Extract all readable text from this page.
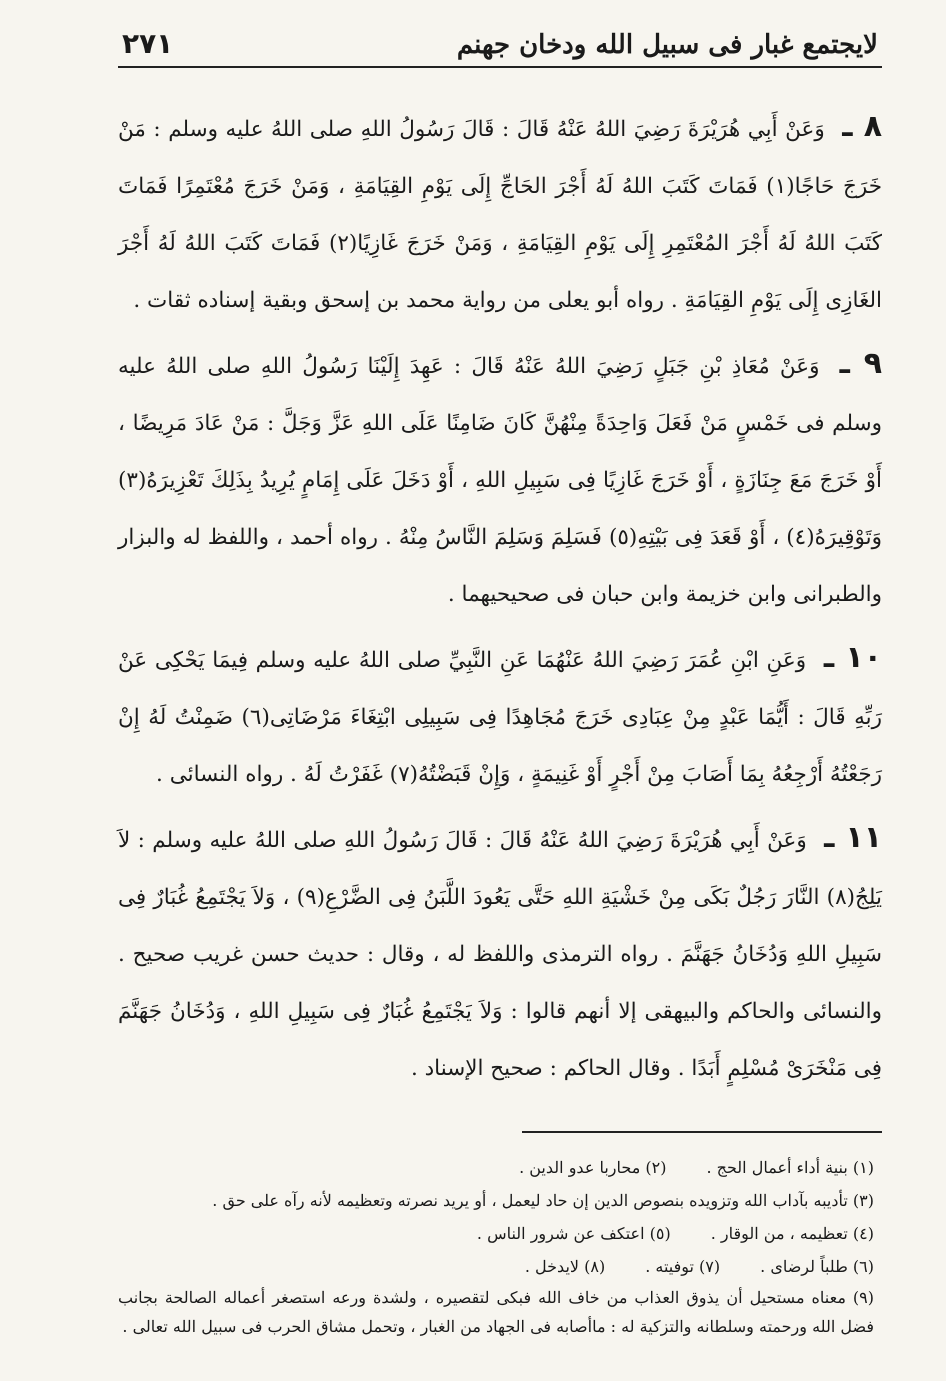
لايجتمع غبار فى سبيل الله ودخان جهنم
٢٧١

٨ ـ وَعَنْ أَبِي هُرَيْرَةَ رَضِيَ اللهُ عَنْهُ قَالَ : قَالَ رَسُولُ اللهِ صلى اللهُ عليه وسلم : مَنْ خَرَجَ حَاجًا(١) فَمَاتَ كَتَبَ اللهُ لَهُ أَجْرَ الحَاجِّ إِلَى يَوْمِ القِيَامَةِ ، وَمَنْ خَرَجَ مُعْتَمِرًا فَمَاتَ كَتَبَ اللهُ لَهُ أَجْرَ المُعْتَمِرِ إِلَى يَوْمِ القِيَامَةِ ، وَمَنْ خَرَجَ غَازِيًا(٢) فَمَاتَ كَتَبَ اللهُ لَهُ أَجْرَ الغَازِى إِلَى يَوْمِ القِيَامَةِ . رواه أبو يعلى من رواية محمد بن إسحق وبقية إسناده ثقات .

٩ ـ وَعَنْ مُعَاذِ بْنِ جَبَلٍ رَضِيَ اللهُ عَنْهُ قَالَ : عَهِدَ إِلَيْنَا رَسُولُ اللهِ صلى اللهُ عليه وسلم فى خَمْسٍ مَنْ فَعَلَ وَاحِدَةً مِنْهُنَّ كَانَ ضَامِنًا عَلَى اللهِ عَزَّ وَجَلَّ : مَنْ عَادَ مَرِيضًا ، أَوْ خَرَجَ مَعَ جِنَازَةٍ ، أَوْ خَرَجَ غَازِيًا فِى سَبِيلِ اللهِ ، أَوْ دَخَلَ عَلَى إِمَامٍ يُرِيدُ بِذَلِكَ تَعْزِيرَهُ(٣) وَتَوْقِيرَهُ(٤) ، أَوْ قَعَدَ فِى بَيْتِهِ(٥) فَسَلِمَ وَسَلِمَ النَّاسُ مِنْهُ . رواه أحمد ، واللفظ له والبزار والطبرانى وابن خزيمة وابن حبان فى صحيحيهما .

١٠ ـ وَعَنِ ابْنِ عُمَرَ رَضِيَ اللهُ عَنْهُمَا عَنِ النَّبِيِّ صلى اللهُ عليه وسلم فِيمَا يَحْكِى عَنْ رَبِّهِ قَالَ : أَيُّمَا عَبْدٍ مِنْ عِبَادِى خَرَجَ مُجَاهِدًا فِى سَبِيلِى ابْتِغَاءَ مَرْضَاتِى(٦) ضَمِنْتُ لَهُ إِنْ رَجَعْتُهُ أَرْجِعُهُ بِمَا أَصَابَ مِنْ أَجْرٍ أَوْ غَنِيمَةٍ ، وَإِنْ قَبَضْتُهُ(٧) غَفَرْتُ لَهُ . رواه النسائى .

١١ ـ وَعَنْ أَبِي هُرَيْرَةَ رَضِيَ اللهُ عَنْهُ قَالَ : قَالَ رَسُولُ اللهِ صلى اللهُ عليه وسلم : لاَ يَلِجُ(٨) النَّارَ رَجُلٌ بَكَى مِنْ خَشْيَةِ اللهِ حَتَّى يَعُودَ اللَّبَنُ فِى الضَّرْعِ(٩) ، وَلاَ يَجْتَمِعُ غُبَارٌ فِى سَبِيلِ اللهِ وَدُخَانُ جَهَنَّمَ . رواه الترمذى واللفظ له ، وقال : حديث حسن غريب صحيح . والنسائى والحاكم والبيهقى إلا أنهم قالوا : وَلاَ يَجْتَمِعُ غُبَارٌ فِى سَبِيلِ اللهِ ، وَدُخَانُ جَهَنَّمَ فِى مَنْخَرَىْ مُسْلِمٍ أَبَدًا . وقال الحاكم : صحيح الإسناد .

(١) بنية أداء أعمال الحج .
(٢) محاربا عدو الدين .
(٣) تأديبه بآداب الله وتزويده بنصوص الدين إن حاد ليعمل ، أو يريد نصرته وتعظيمه لأنه رآه على حق .
(٤) تعظيمه ، من الوقار .
(٥) اعتكف عن شرور الناس .
(٦) طلباً لرضاى .
(٧) توفيته .
(٨) لايدخل .
(٩) معناه مستحيل أن يذوق العذاب من خاف الله فبكى لتقصيره ، ولشدة ورعه استصغر أعماله الصالحة بجانب فضل الله ورحمته وسلطانه والتزكية له : ماأصابه فى الجهاد من الغبار ، وتحمل مشاق الحرب فى سبيل الله تعالى .
